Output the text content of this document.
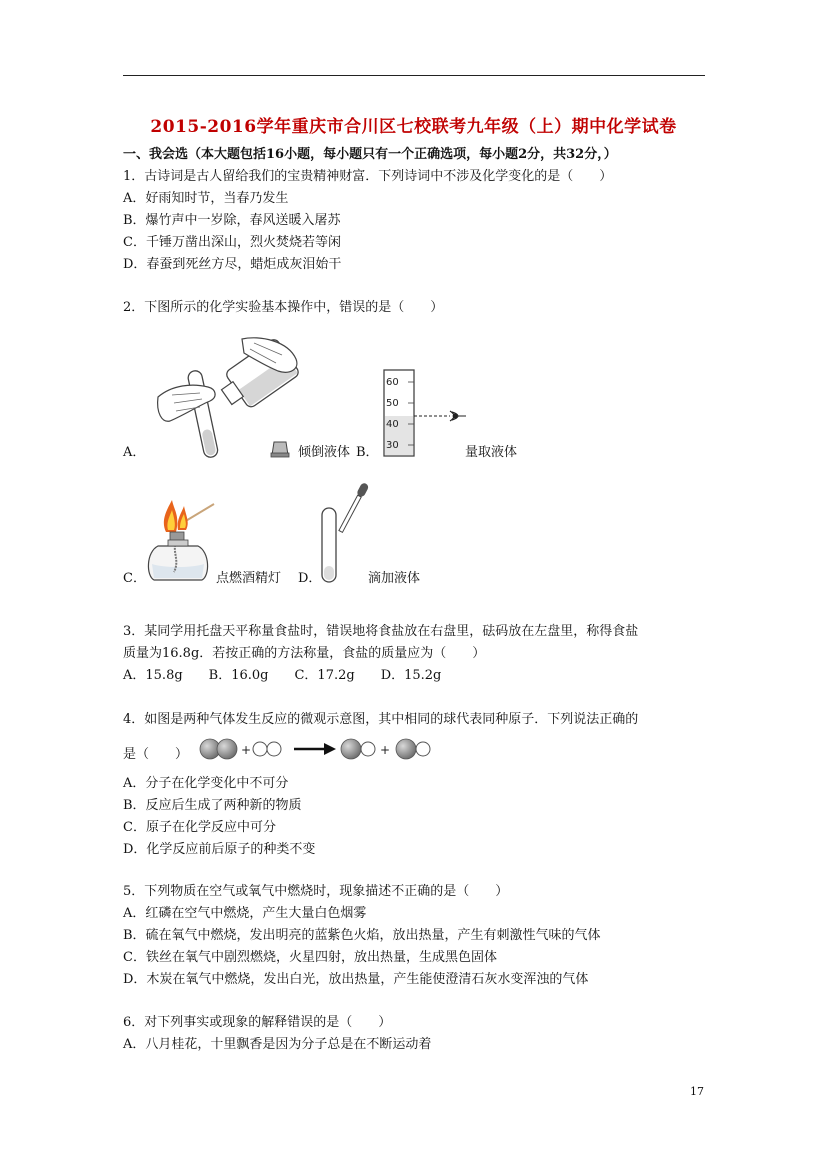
2015-2016学年重庆市合川区七校联考九年级（上）期中化学试卷
一、我会选（本大题包括16小题，每小题只有一个正确选项，每小题2分，共32分，）
1．古诗词是古人留给我们的宝贵精神财富．下列诗词中不涉及化学变化的是（　　）
A．好雨知时节，当春乃发生
B．爆竹声中一岁除，春风送暖入屠苏
C．千锤万凿出深山，烈火焚烧若等闲
D．春蚕到死丝方尽，蜡炬成灰泪始干
2．下图所示的化学实验基本操作中，错误的是（　　）
A．	倾倒液体 B．
60
50
40
30	量取液体
C．	点燃酒精灯 D．	滴加液体
3．某同学用托盘天平称量食盐时，错误地将食盐放在右盘里，砝码放在左盘里，称得食盐
质量为16.8g．若按正确的方法称量，食盐的质量应为（　　）
A．15.8g　　B．16.0g　　C．17.2g　　D．15.2g
4．如图是两种气体发生反应的微观示意图，其中相同的球代表同种原子．下列说法正确的
是（　　）	+	+
A．分子在化学变化中不可分
B．反应后生成了两种新的物质
C．原子在化学反应中可分
D．化学反应前后原子的种类不变
5．下列物质在空气或氧气中燃烧时，现象描述不正确的是（　　）
A．红磷在空气中燃烧，产生大量白色烟雾
B．硫在氧气中燃烧，发出明亮的蓝紫色火焰，放出热量，产生有刺激性气味的气体
C．铁丝在氧气中剧烈燃烧，火星四射，放出热量，生成黑色固体
D．木炭在氧气中燃烧，发出白光，放出热量，产生能使澄清石灰水变浑浊的气体
6．对下列事实或现象的解释错误的是（　　）
A．八月桂花，十里飘香是因为分子总是在不断运动着
17
